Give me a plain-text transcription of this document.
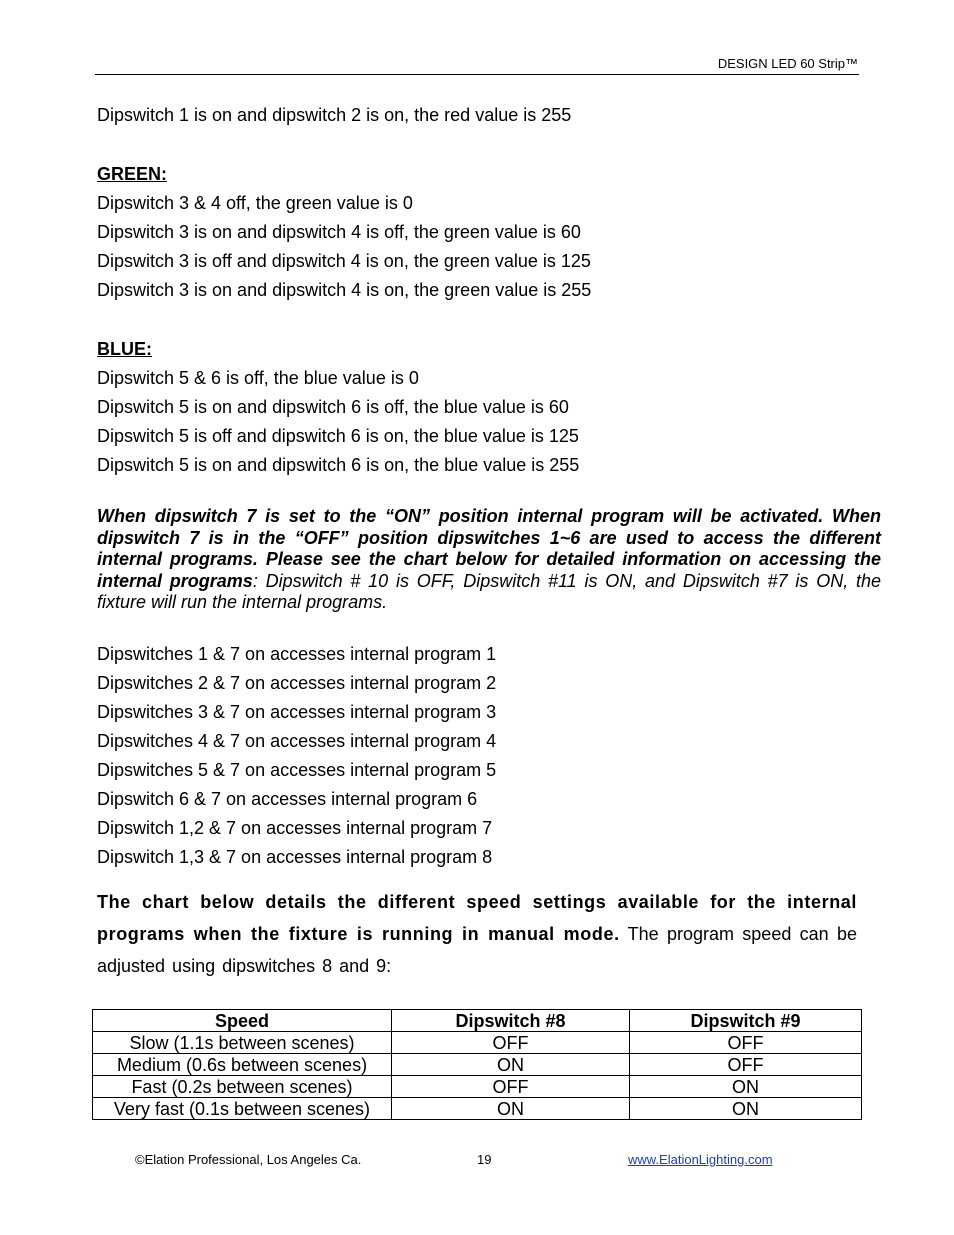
DESIGN LED 60 Strip™
Dipswitch 1 is on and dipswitch 2 is on, the red value is 255
GREEN:
Dipswitch 3 & 4 off, the green value is 0
Dipswitch 3 is on and dipswitch 4 is off, the green value is 60
Dipswitch 3 is off and dipswitch 4 is on, the green value is 125
Dipswitch 3 is on and dipswitch 4 is on, the green value is 255
BLUE:
Dipswitch 5 & 6 is off, the blue value is 0
Dipswitch 5 is on and dipswitch 6 is off, the blue value is 60
Dipswitch 5 is off and dipswitch 6 is on, the blue value is 125
Dipswitch 5 is on and dipswitch 6 is on, the blue value is 255
When dipswitch 7 is set to the “ON” position internal program will be activated. When dipswitch 7 is in the “OFF” position dipswitches 1~6 are used to access the different internal programs. Please see the chart below for detailed information on accessing the internal programs: Dipswitch # 10 is OFF, Dipswitch #11 is ON, and Dipswitch #7 is ON, the fixture will run the internal programs.
Dipswitches 1 & 7 on accesses internal program 1
Dipswitches 2 & 7 on accesses internal program 2
Dipswitches 3 & 7 on accesses internal program 3
Dipswitches 4 & 7 on accesses internal program 4
Dipswitches 5 & 7 on accesses internal program 5
Dipswitch 6 & 7 on accesses internal program 6
Dipswitch 1,2 & 7 on accesses internal program 7
Dipswitch 1,3 & 7 on accesses internal program 8
The chart below details the different speed settings available for the internal programs when the fixture is running in manual mode. The program speed can be adjusted using dipswitches 8 and 9:
Speed	Dipswitch #8	Dipswitch #9
Slow (1.1s between scenes)	OFF	OFF
Medium (0.6s between scenes)	ON	OFF
Fast (0.2s between scenes)	OFF	ON
Very fast (0.1s between scenes)	ON	ON
©Elation Professional, Los Angeles Ca.	19	www.ElationLighting.com
